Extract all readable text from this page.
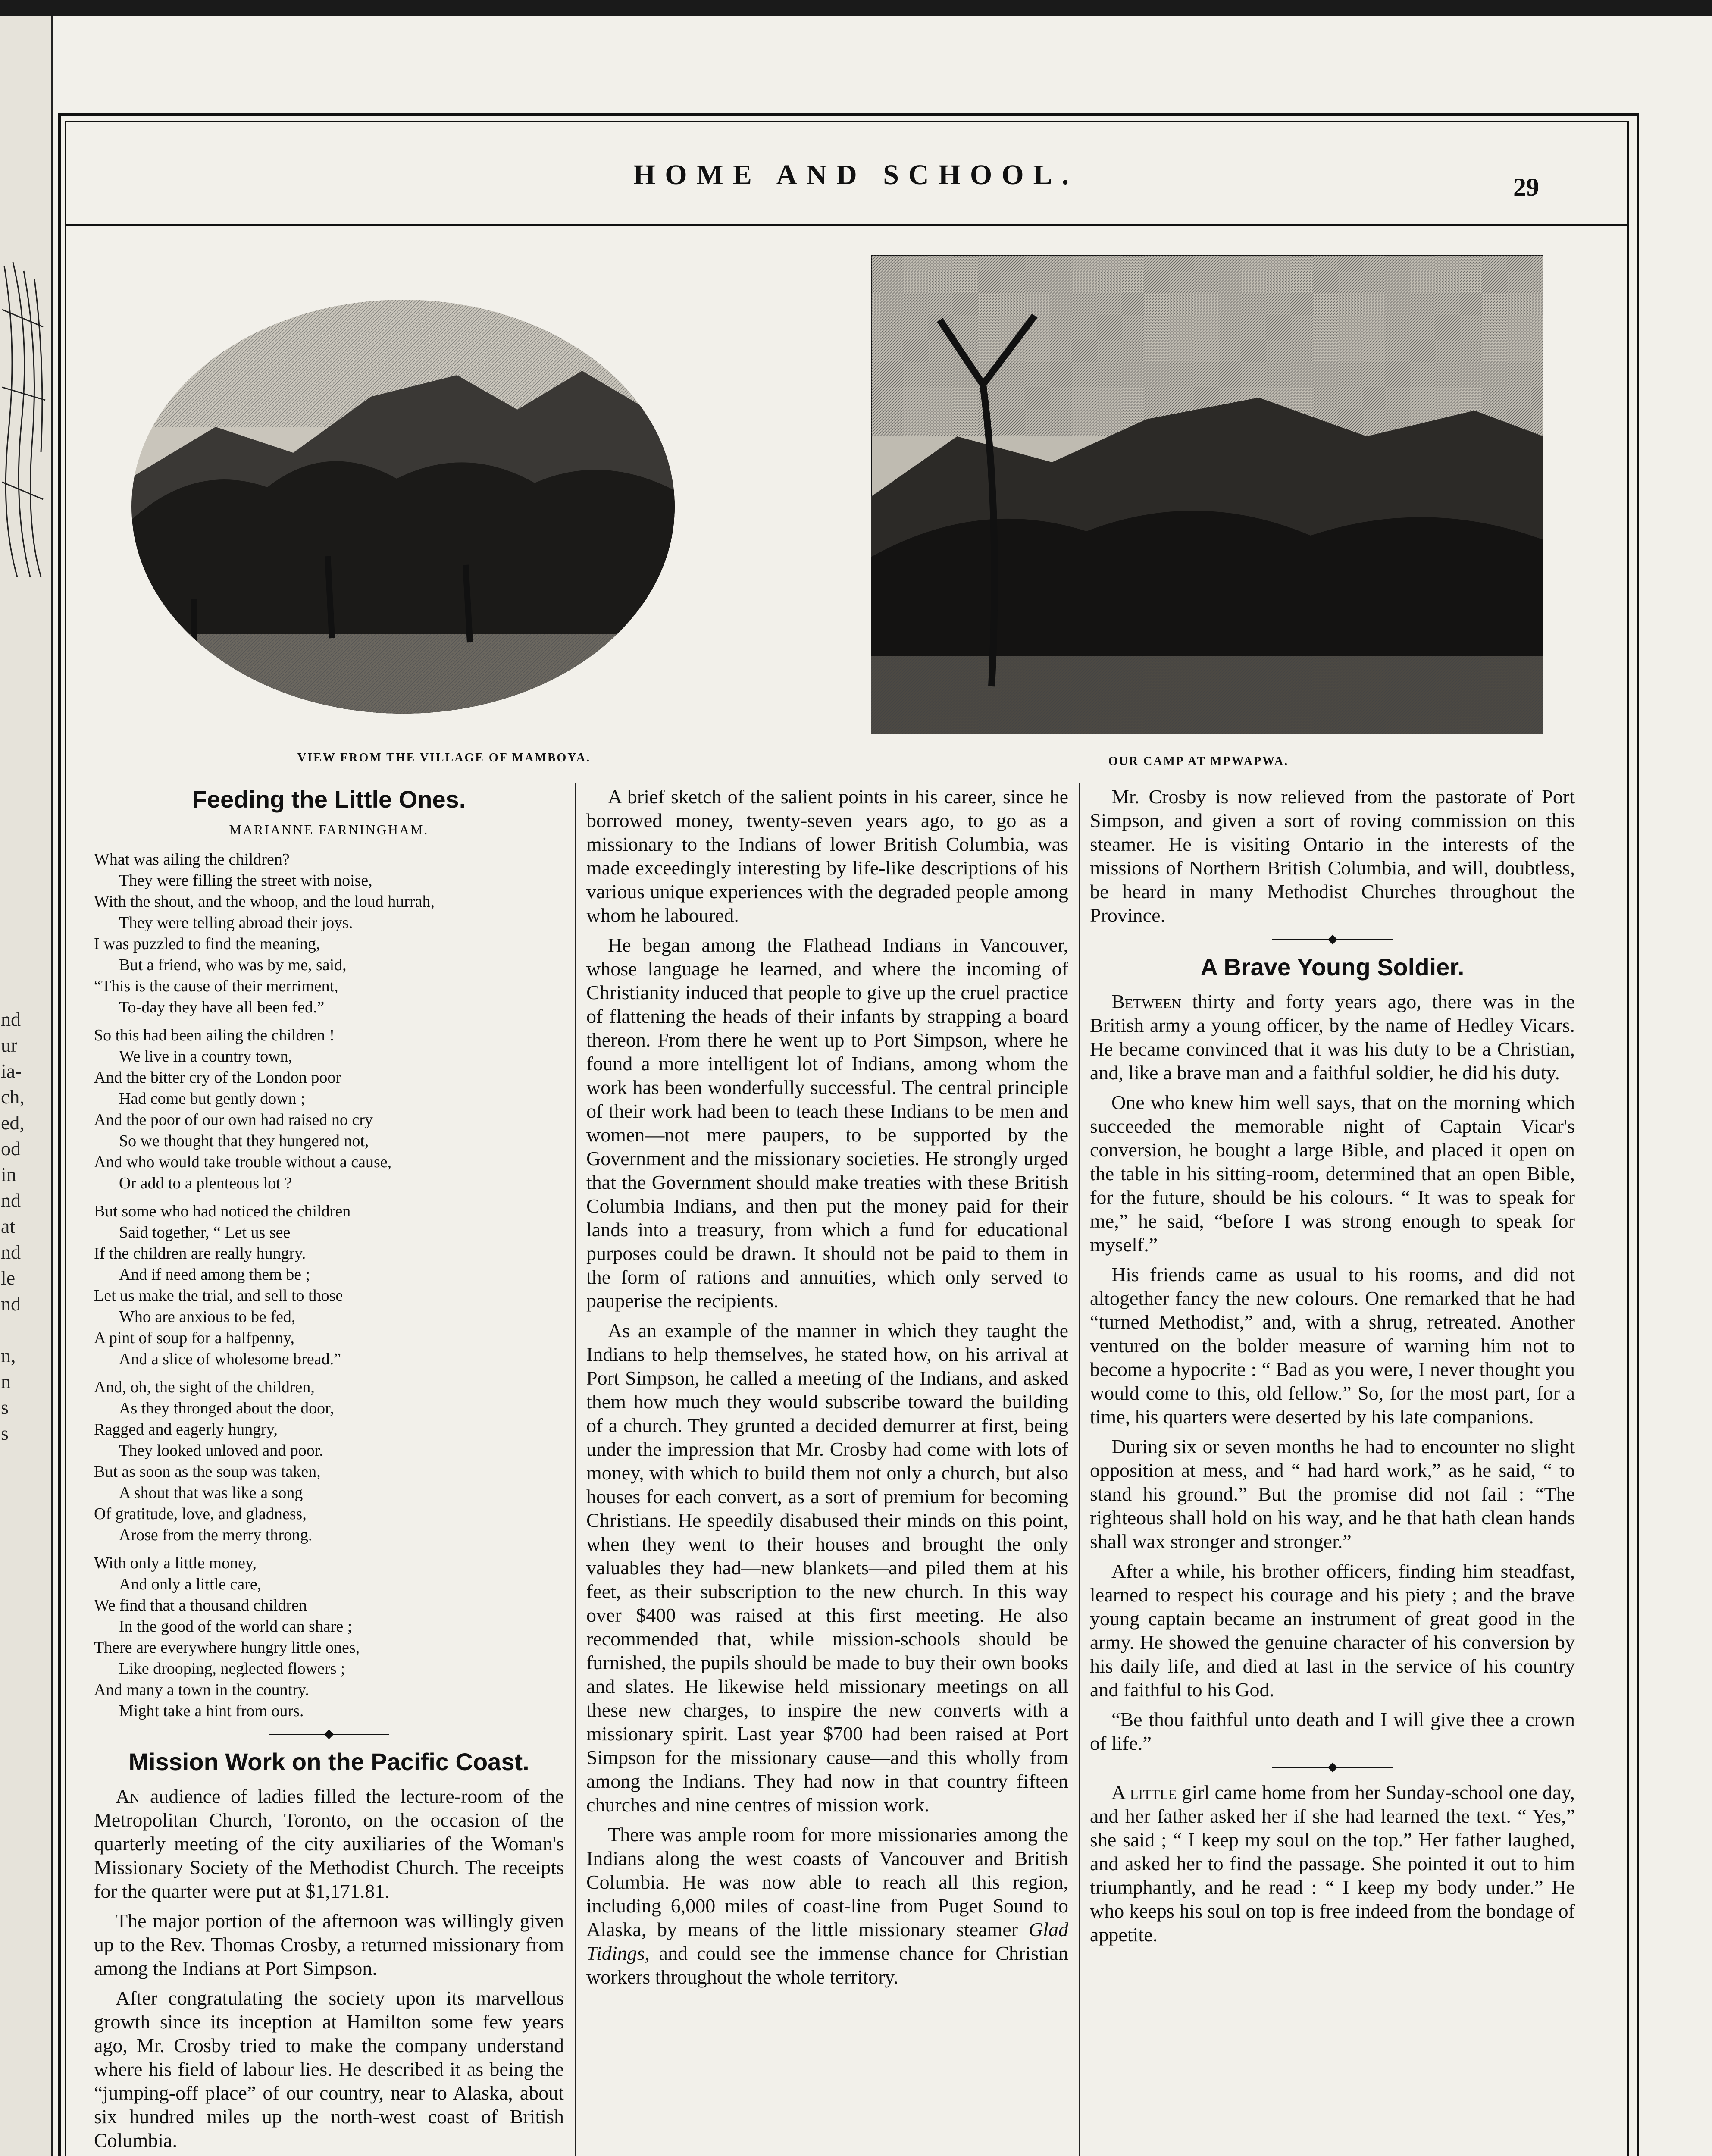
nd
ur
ia-
ch,
ed,
od
in
nd
at
nd
le
nd
n,
n
s
s
HOME AND SCHOOL.	29
VIEW FROM THE VILLAGE OF MAMBOYA.	OUR CAMP AT MPWAPWA.
Feeding the Little Ones.
MARIANNE FARNINGHAM.
What was ailing the children?
They were filling the street with noise,
With the shout, and the whoop, and the loud hurrah,
They were telling abroad their joys.
I was puzzled to find the meaning,
But a friend, who was by me, said,
“This is the cause of their merriment,
To-day they have all been fed.”
So this had been ailing the children !
We live in a country town,
And the bitter cry of the London poor
Had come but gently down ;
And the poor of our own had raised no cry
So we thought that they hungered not,
And who would take trouble without a cause,
Or add to a plenteous lot ?
But some who had noticed the children
Said together, “ Let us see
If the children are really hungry.
And if need among them be ;
Let us make the trial, and sell to those
Who are anxious to be fed,
A pint of soup for a halfpenny,
And a slice of wholesome bread.”
And, oh, the sight of the children,
As they thronged about the door,
Ragged and eagerly hungry,
They looked unloved and poor.
But as soon as the soup was taken,
A shout that was like a song
Of gratitude, love, and gladness,
Arose from the merry throng.
With only a little money,
And only a little care,
We find that a thousand children
In the good of the world can share ;
There are everywhere hungry little ones,
Like drooping, neglected flowers ;
And many a town in the country.
Might take a hint from ours.
Mission Work on the Pacific Coast.

An audience of ladies filled the lecture-room of the Metropolitan Church, Toronto, on the occasion of the quarterly meeting of the city auxiliaries of the Woman's Missionary Society of the Methodist Church. The receipts for the quarter were put at $1,171.81.

The major portion of the afternoon was willingly given up to the Rev. Thomas Crosby, a returned missionary from among the Indians at Port Simpson.

After congratulating the society upon its marvellous growth since its inception at Hamilton some few years ago, Mr. Crosby tried to make the company understand where his field of labour lies. He described it as being the “jumping-off place” of our country, near to Alaska, about six hundred miles up the north-west coast of British Columbia.

A brief sketch of the salient points in his career, since he borrowed money, twenty-seven years ago, to go as a missionary to the Indians of lower British Columbia, was made exceedingly interesting by life-like descriptions of his various unique experiences with the degraded people among whom he laboured.

He began among the Flathead Indians in Vancouver, whose language he learned, and where the incoming of Christianity induced that people to give up the cruel practice of flattening the heads of their infants by strapping a board thereon. From there he went up to Port Simpson, where he found a more intelligent lot of Indians, among whom the work has been wonderfully successful. The central principle of their work had been to teach these Indians to be men and women—not mere paupers, to be supported by the Government and the missionary societies. He strongly urged that the Government should make treaties with these British Columbia Indians, and then put the money paid for their lands into a treasury, from which a fund for educational purposes could be drawn. It should not be paid to them in the form of rations and annuities, which only served to pauperise the recipients.

As an example of the manner in which they taught the Indians to help themselves, he stated how, on his arrival at Port Simpson, he called a meeting of the Indians, and asked them how much they would subscribe toward the building of a church. They grunted a decided demurrer at first, being under the impression that Mr. Crosby had come with lots of money, with which to build them not only a church, but also houses for each convert, as a sort of premium for becoming Christians. He speedily disabused their minds on this point, when they went to their houses and brought the only valuables they had—new blankets—and piled them at his feet, as their subscription to the new church. In this way over $400 was raised at this first meeting. He also recommended that, while mission-schools should be furnished, the pupils should be made to buy their own books and slates. He likewise held missionary meetings on all these new charges, to inspire the new converts with a missionary spirit. Last year $700 had been raised at Port Simpson for the missionary cause—and this wholly from among the Indians. They had now in that country fifteen churches and nine centres of mission work.

There was ample room for more missionaries among the Indians along the west coasts of Vancouver and British Columbia. He was now able to reach all this region, including 6,000 miles of coast-line from Puget Sound to Alaska, by means of the little missionary steamer Glad Tidings, and could see the immense chance for Christian workers throughout the whole territory.

Mr. Crosby is now relieved from the pastorate of Port Simpson, and given a sort of roving commission on this steamer. He is visiting Ontario in the interests of the missions of Northern British Columbia, and will, doubtless, be heard in many Methodist Churches throughout the Province.

A Brave Young Soldier.

Between thirty and forty years ago, there was in the British army a young officer, by the name of Hedley Vicars. He became convinced that it was his duty to be a Christian, and, like a brave man and a faithful soldier, he did his duty.

One who knew him well says, that on the morning which succeeded the memorable night of Captain Vicar's conversion, he bought a large Bible, and placed it open on the table in his sitting-room, determined that an open Bible, for the future, should be his colours. “ It was to speak for me,” he said, “before I was strong enough to speak for myself.”

His friends came as usual to his rooms, and did not altogether fancy the new colours. One remarked that he had “turned Methodist,” and, with a shrug, retreated. Another ventured on the bolder measure of warning him not to become a hypocrite : “ Bad as you were, I never thought you would come to this, old fellow.” So, for the most part, for a time, his quarters were deserted by his late companions.

During six or seven months he had to encounter no slight opposition at mess, and “ had hard work,” as he said, “ to stand his ground.” But the promise did not fail : “The righteous shall hold on his way, and he that hath clean hands shall wax stronger and stronger.”

After a while, his brother officers, finding him steadfast, learned to respect his courage and his piety ; and the brave young captain became an instrument of great good in the army. He showed the genuine character of his conversion by his daily life, and died at last in the service of his country and faithful to his God.

“Be thou faithful unto death and I will give thee a crown of life.”

A little girl came home from her Sunday-school one day, and her father asked her if she had learned the text. “ Yes,” she said ; “ I keep my soul on the top.” Her father laughed, and asked her to find the passage. She pointed it out to him triumphantly, and he read : “ I keep my body under.” He who keeps his soul on top is free indeed from the bondage of appetite.
